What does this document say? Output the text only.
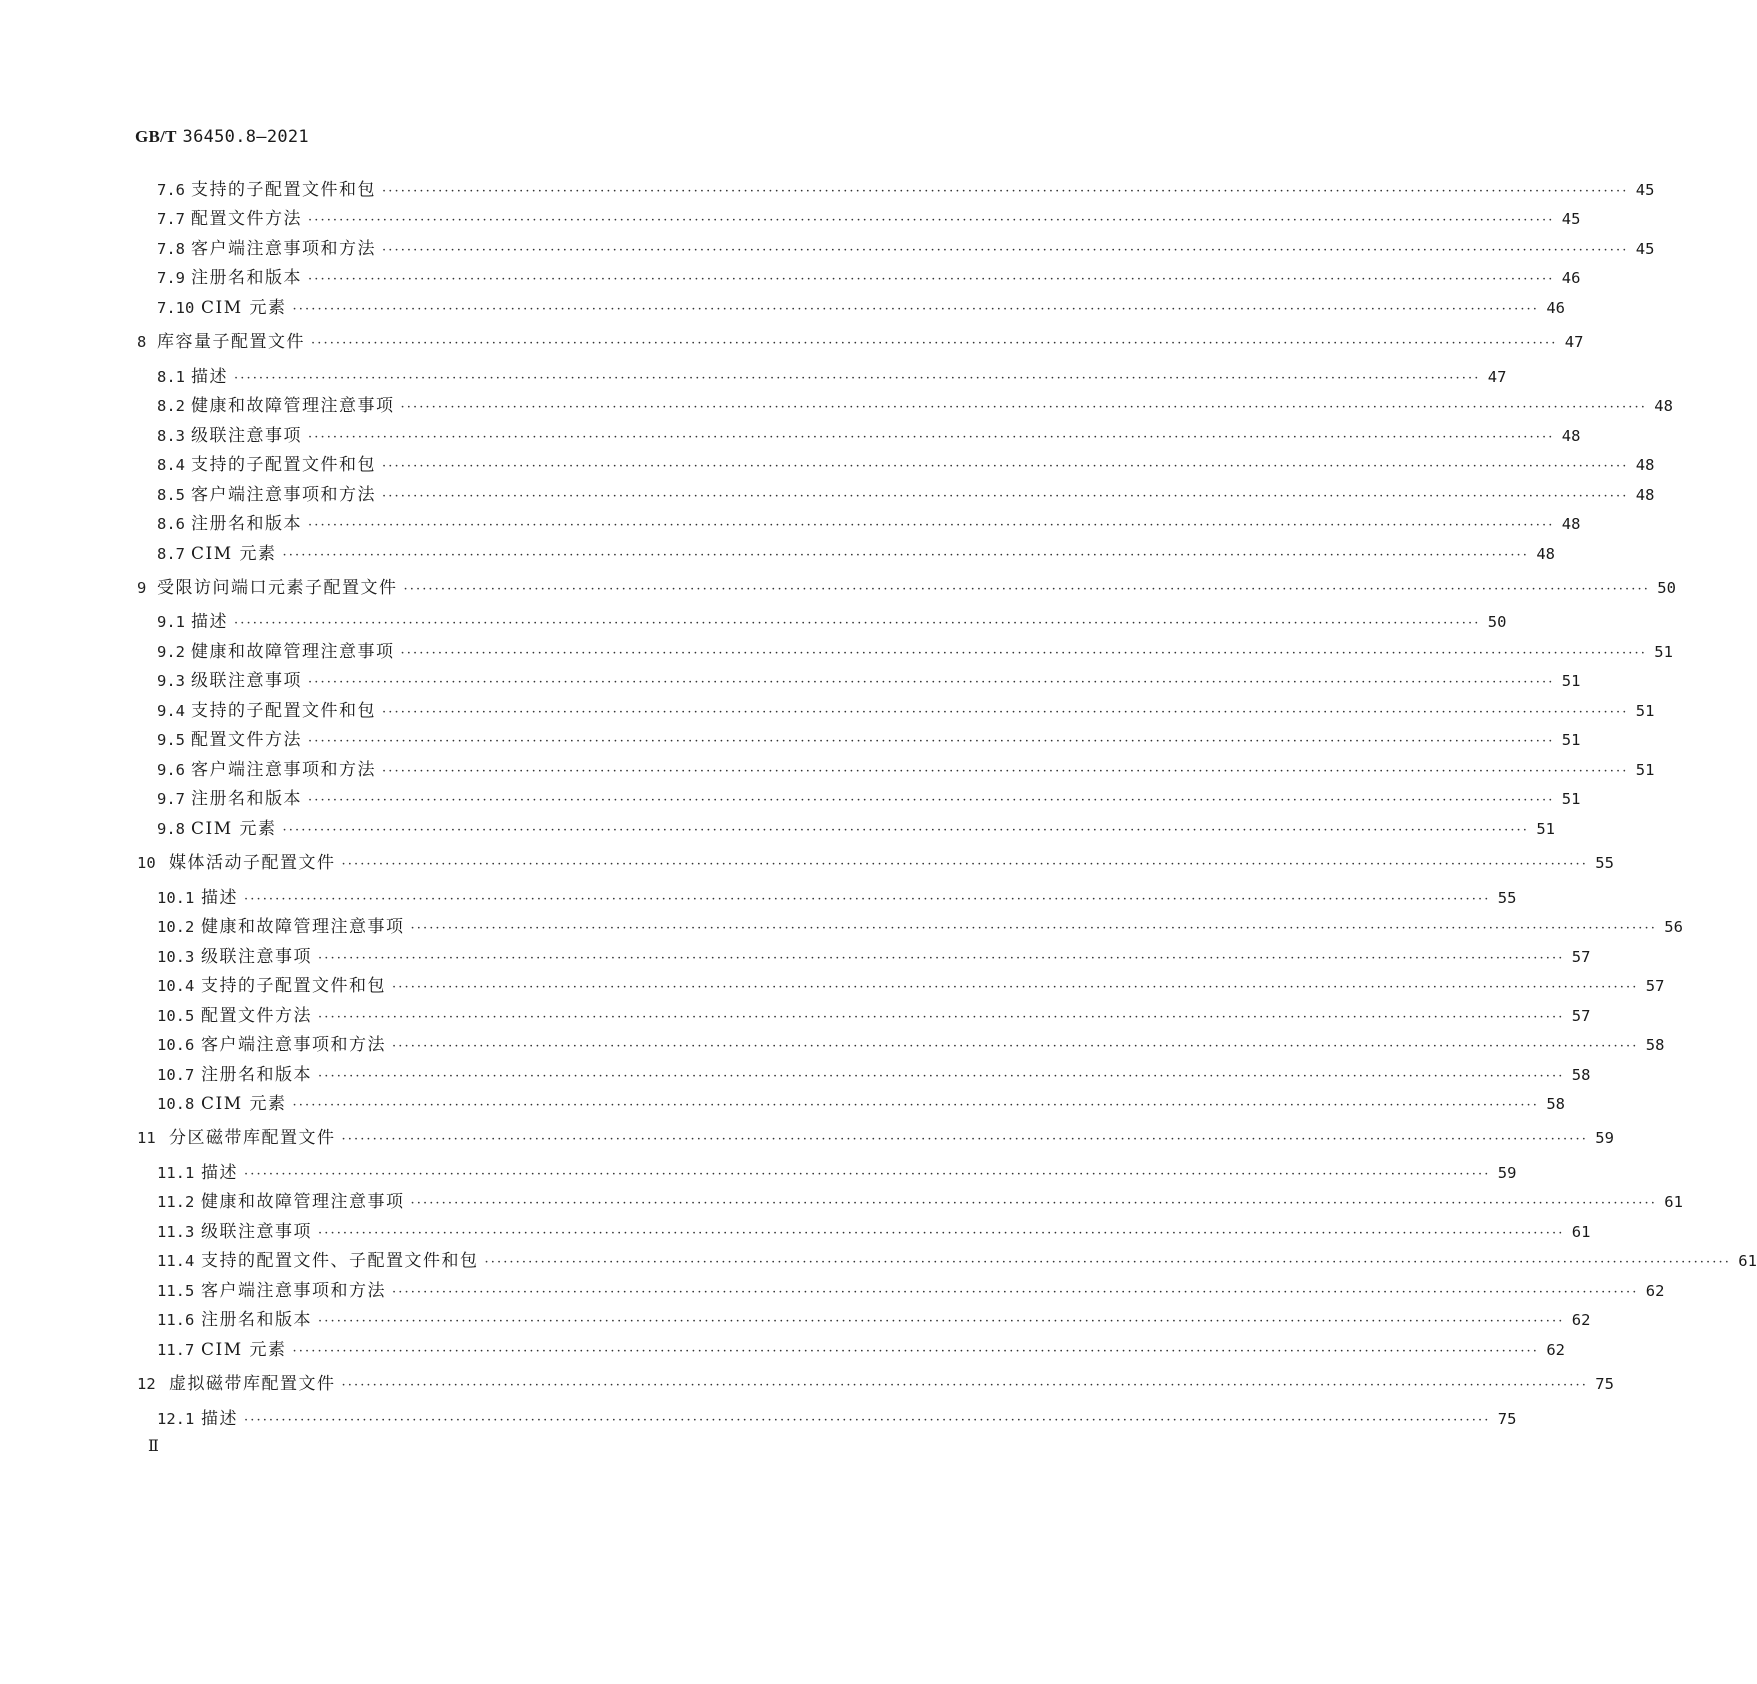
GB/T 36450.8—2021
7.6 支持的子配置文件和包 ········································································································································································································ 45
7.7 配置文件方法 ········································································································································································································ 45
7.8 客户端注意事项和方法 ········································································································································································································ 45
7.9 注册名和版本 ········································································································································································································ 46
7.10 CIM 元素 ········································································································································································································ 46
8 库容量子配置文件 ········································································································································································································ 47
8.1 描述 ········································································································································································································ 47
8.2 健康和故障管理注意事项 ········································································································································································································ 48
8.3 级联注意事项 ········································································································································································································ 48
8.4 支持的子配置文件和包 ········································································································································································································ 48
8.5 客户端注意事项和方法 ········································································································································································································ 48
8.6 注册名和版本 ········································································································································································································ 48
8.7 CIM 元素 ········································································································································································································ 48
9 受限访问端口元素子配置文件 ········································································································································································································ 50
9.1 描述 ········································································································································································································ 50
9.2 健康和故障管理注意事项 ········································································································································································································ 51
9.3 级联注意事项 ········································································································································································································ 51
9.4 支持的子配置文件和包 ········································································································································································································ 51
9.5 配置文件方法 ········································································································································································································ 51
9.6 客户端注意事项和方法 ········································································································································································································ 51
9.7 注册名和版本 ········································································································································································································ 51
9.8 CIM 元素 ········································································································································································································ 51
10 媒体活动子配置文件 ········································································································································································································ 55
10.1 描述 ········································································································································································································ 55
10.2 健康和故障管理注意事项 ········································································································································································································ 56
10.3 级联注意事项 ········································································································································································································ 57
10.4 支持的子配置文件和包 ········································································································································································································ 57
10.5 配置文件方法 ········································································································································································································ 57
10.6 客户端注意事项和方法 ········································································································································································································ 58
10.7 注册名和版本 ········································································································································································································ 58
10.8 CIM 元素 ········································································································································································································ 58
11 分区磁带库配置文件 ········································································································································································································ 59
11.1 描述 ········································································································································································································ 59
11.2 健康和故障管理注意事项 ········································································································································································································ 61
11.3 级联注意事项 ········································································································································································································ 61
11.4 支持的配置文件、子配置文件和包 ········································································································································································································ 61
11.5 客户端注意事项和方法 ········································································································································································································ 62
11.6 注册名和版本 ········································································································································································································ 62
11.7 CIM 元素 ········································································································································································································ 62
12 虚拟磁带库配置文件 ········································································································································································································ 75
12.1 描述 ········································································································································································································ 75
Ⅱ
